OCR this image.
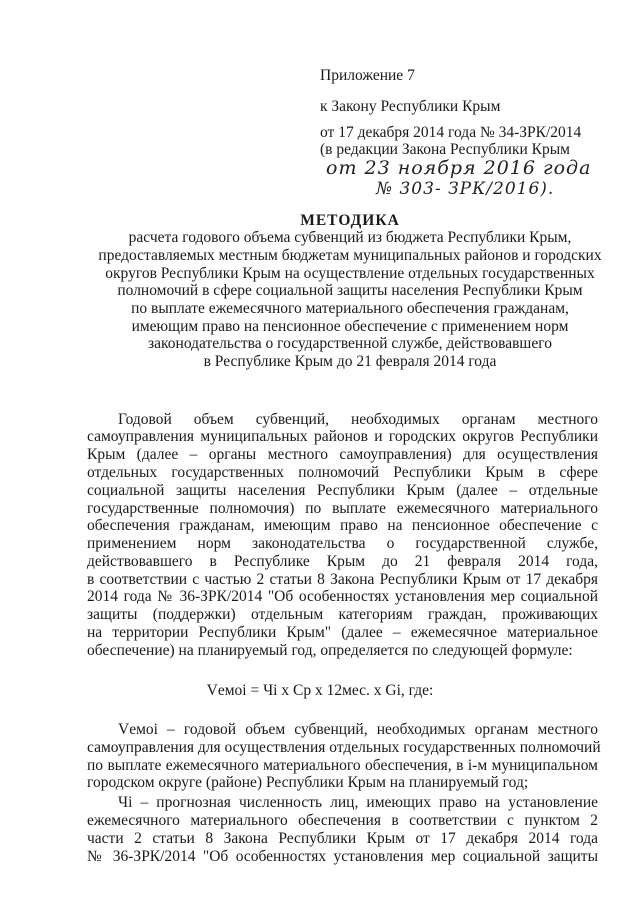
Приложение 7
к Закону Республики Крым
от 17 декабря 2014 года № 34-ЗРК/2014
(в редакции Закона Республики Крым
от 23 ноября 2016 года
№ 303- ЗРК/2016).
МЕТОДИКА
расчета годового объема субвенций из бюджета Республики Крым,
предоставляемых местным бюджетам муниципальных районов и городских
округов Республики Крым на осуществление отдельных государственных
полномочий в сфере социальной защиты населения Республики Крым
по выплате ежемесячного материального обеспечения гражданам,
имеющим право на пенсионное обеспечение с применением норм
законодательства о государственной службе, действовавшего
в Республике Крым до 21 февраля 2014 года
Годовой объем субвенций, необходимых органам местного
самоуправления муниципальных районов и городских округов Республики
Крым (далее – органы местного самоуправления) для осуществления
отдельных государственных полномочий Республики Крым в сфере
социальной защиты населения Республики Крым (далее – отдельные
государственные полномочия) по выплате ежемесячного материального
обеспечения гражданам, имеющим право на пенсионное обеспечение с
применением норм законодательства о государственной службе,
действовавшего в Республике Крым до 21 февраля 2014 года,
в соответствии с частью 2 статьи 8 Закона Республики Крым от 17 декабря
2014 года № 36-ЗРК/2014 "Об особенностях установления мер социальной
защиты (поддержки) отдельным категориям граждан, проживающих
на территории Республики Крым" (далее – ежемесячное материальное
обеспечение) на планируемый год, определяется по следующей формуле:
Vемоi = Чi x Ср x 12мес. x Gi, где:
Vемоi – годовой объем субвенций, необходимых органам местного
самоуправления для осуществления отдельных государственных полномочий
по выплате ежемесячного материального обеспечения, в i-м муниципальном
городском округе (районе) Республики Крым на планируемый год;
Чi – прогнозная численность лиц, имеющих право на установление
ежемесячного материального обеспечения в соответствии с пунктом 2
части 2 статьи 8 Закона Республики Крым от 17 декабря 2014 года
№ 36-ЗРК/2014 "Об особенностях установления мер социальной защиты
